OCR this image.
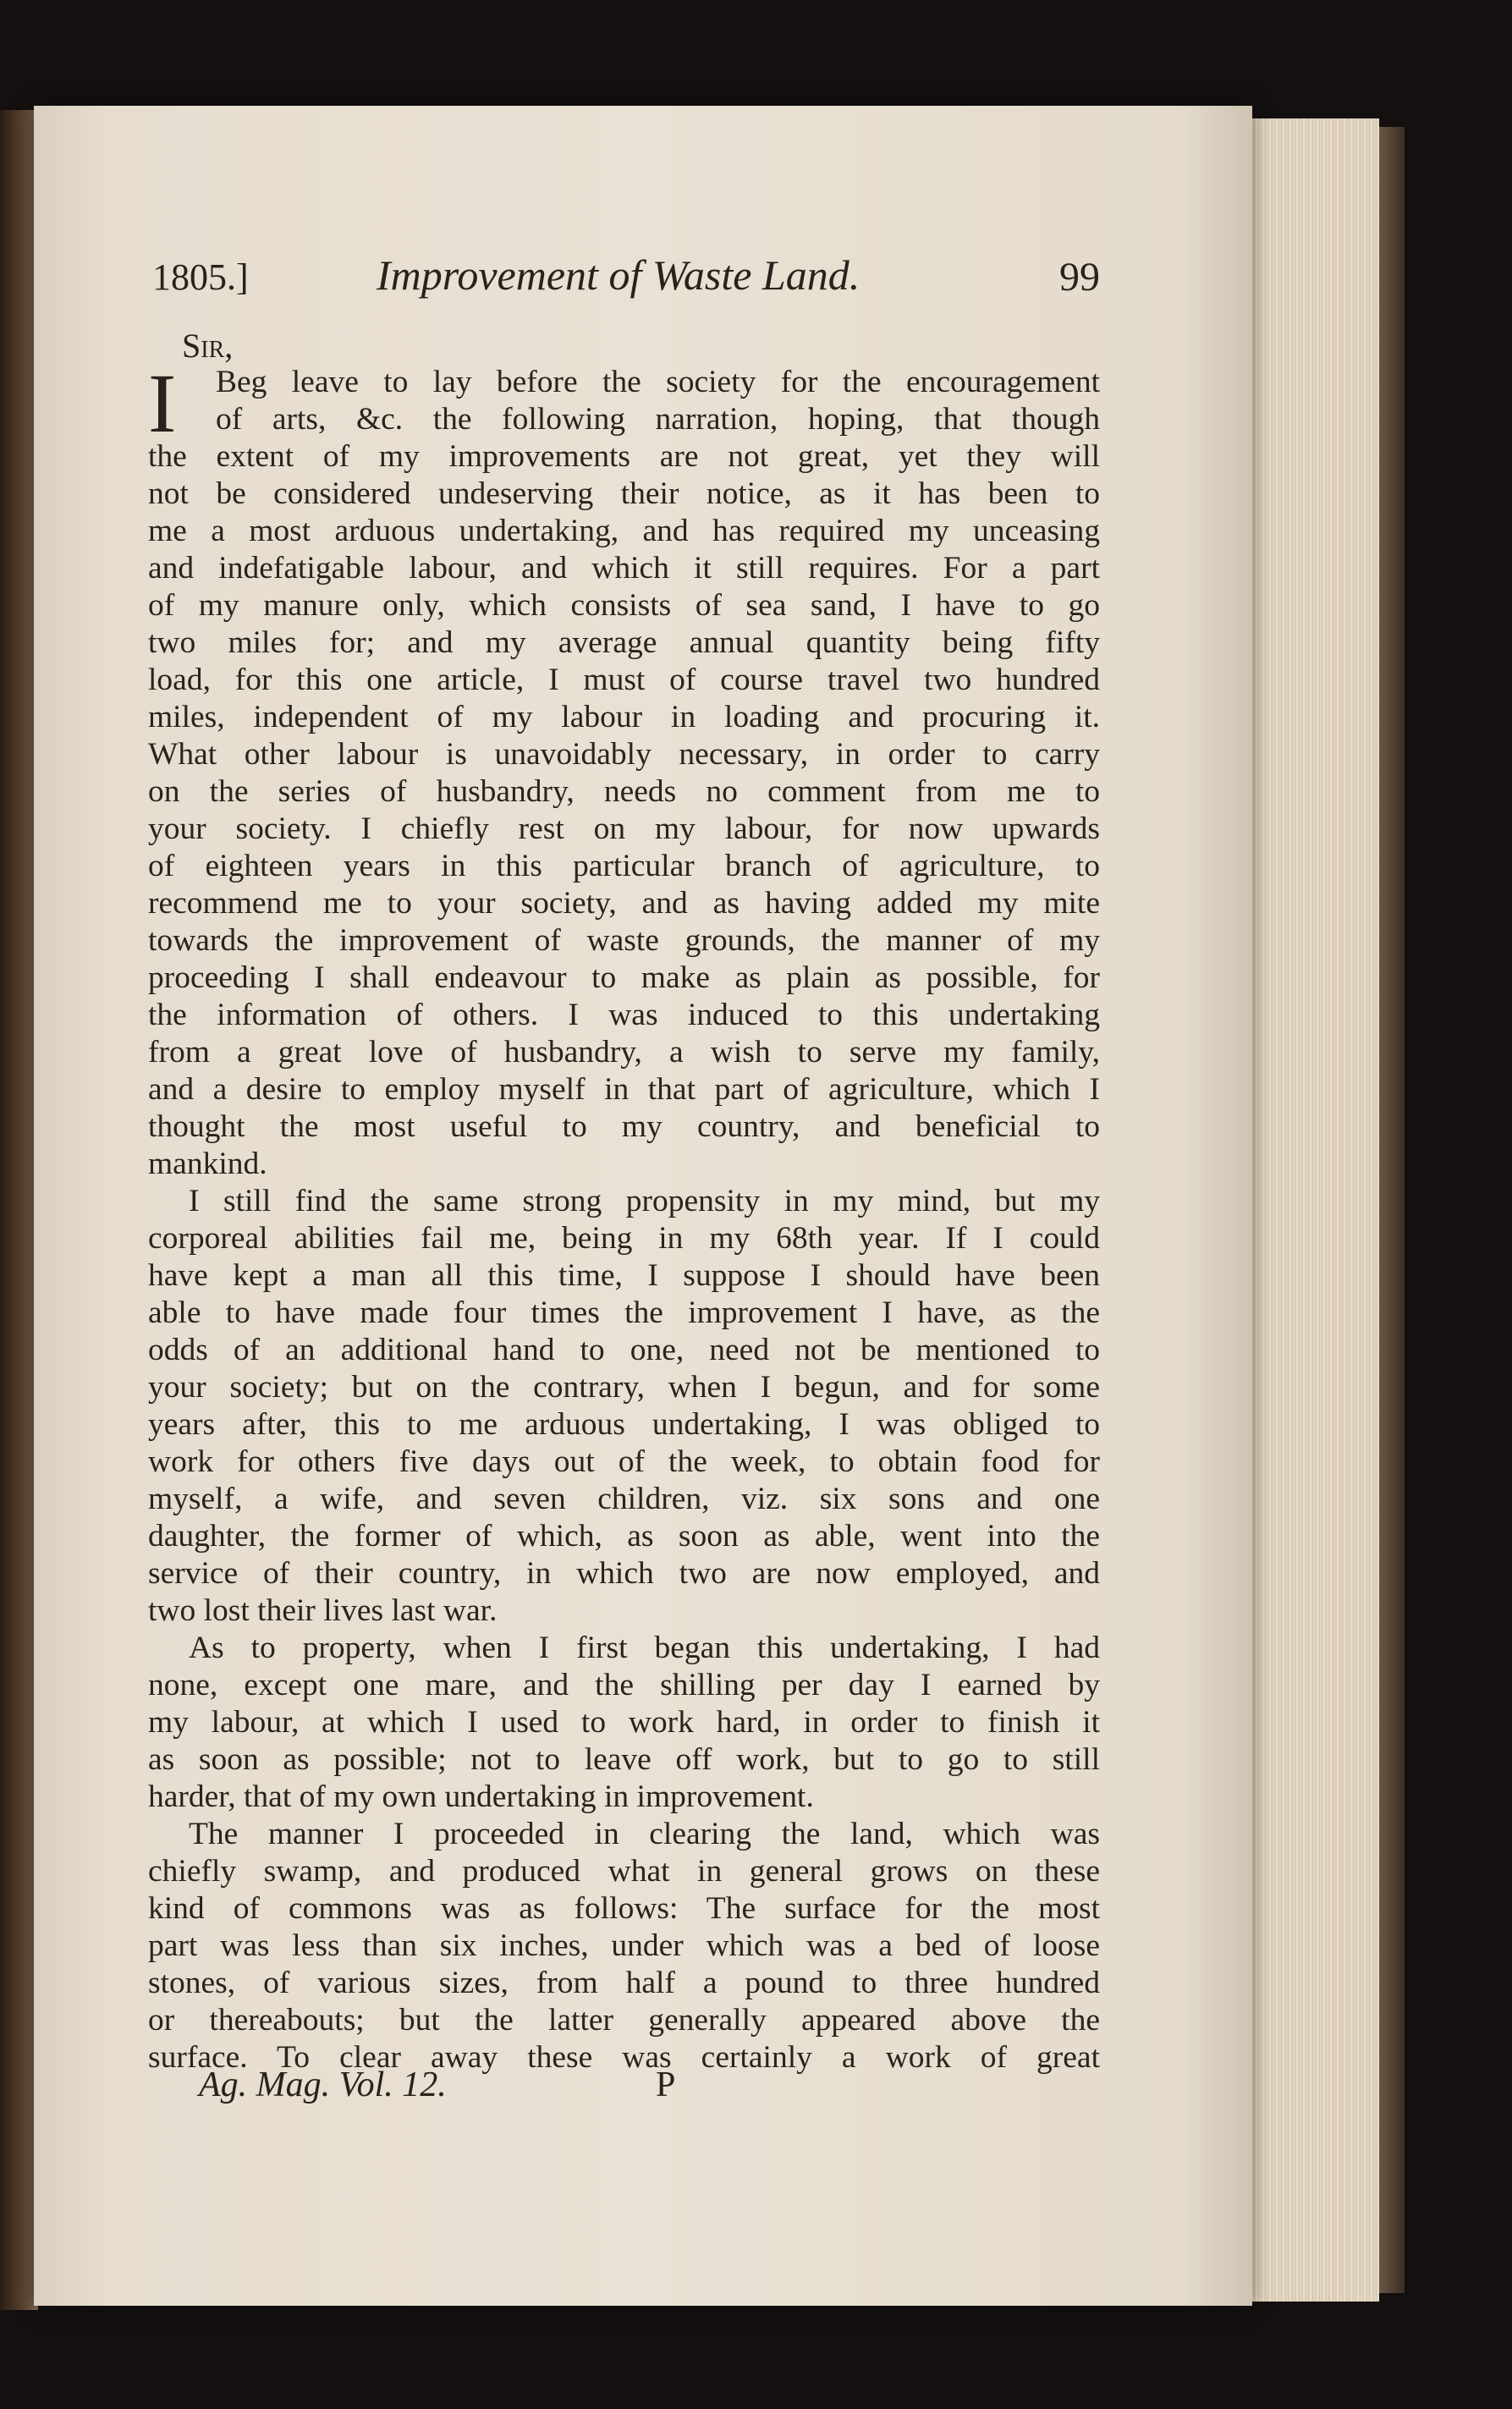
1805.]	Improvement of Waste Land.	99
Sir,
I	Beg leave to lay before the society for the encouragement
of arts, &c. the following narration, hoping, that though
the extent of my improvements are not great, yet they will
not be considered undeserving their notice, as it has been to
me a most arduous undertaking, and has required my unceasing
and indefatigable labour, and which it still requires. For a part
of my manure only, which consists of sea sand, I have to go
two miles for; and my average annual quantity being fifty
load, for this one article, I must of course travel two hundred
miles, independent of my labour in loading and procuring it.
What other labour is unavoidably necessary, in order to carry
on the series of husbandry, needs no comment from me to
your society. I chiefly rest on my labour, for now upwards
of eighteen years in this particular branch of agriculture, to
recommend me to your society, and as having added my mite
towards the improvement of waste grounds, the manner of my
proceeding I shall endeavour to make as plain as possible, for
the information of others. I was induced to this undertaking
from a great love of husbandry, a wish to serve my family,
and a desire to employ myself in that part of agriculture, which I
thought the most useful to my country, and beneficial to
mankind.
I still find the same strong propensity in my mind, but my
corporeal abilities fail me, being in my 68th year. If I could
have kept a man all this time, I suppose I should have been
able to have made four times the improvement I have, as the
odds of an additional hand to one, need not be mentioned to
your society; but on the contrary, when I begun, and for some
years after, this to me arduous undertaking, I was obliged to
work for others five days out of the week, to obtain food for
myself, a wife, and seven children, viz. six sons and one
daughter, the former of which, as soon as able, went into the
service of their country, in which two are now employed, and
two lost their lives last war.
As to property, when I first began this undertaking, I had
none, except one mare, and the shilling per day I earned by
my labour, at which I used to work hard, in order to finish it
as soon as possible; not to leave off work, but to go to still
harder, that of my own undertaking in improvement.
The manner I proceeded in clearing the land, which was
chiefly swamp, and produced what in general grows on these
kind of commons was as follows: The surface for the most
part was less than six inches, under which was a bed of loose
stones, of various sizes, from half a pound to three hundred
or thereabouts; but the latter generally appeared above the
surface. To clear away these was certainly a work of great
Ag. Mag. Vol. 12.	P
